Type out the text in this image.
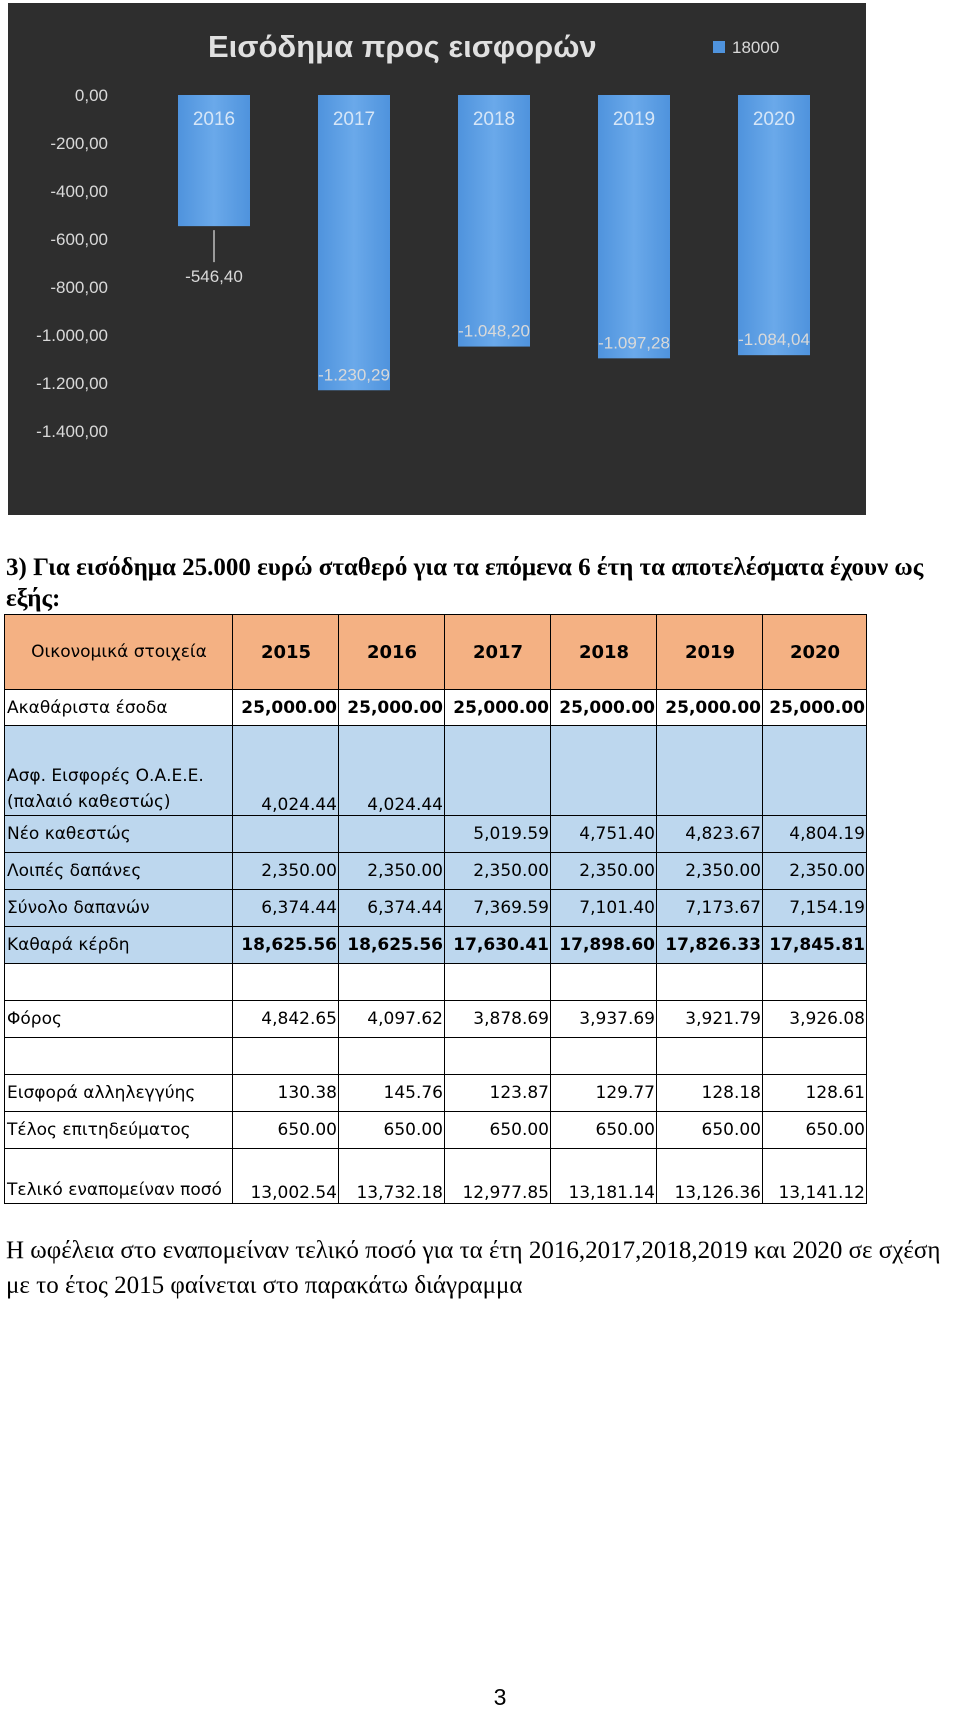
Εισόδημα προς εισφορών	18000
0,00
-200,00
-400,00
-600,00
-800,00
-1.000,00
-1.200,00
-1.400,00
2016
-546,40
2017
-1.230,29
2018
-1.048,20
2019
-1.097,28
2020
-1.084,04
3) Για εισόδημα 25.000 ευρώ σταθερό για τα επόμενα 6 έτη τα αποτελέσματα έχουν ως εξής:
Οικονομικά στοιχεία	2015	2016	2017	2018	2019	2020
Ακαθάριστα έσοδα	25,000.00	25,000.00	25,000.00	25,000.00	25,000.00	25,000.00
Ασφ. Εισφορές Ο.Α.Ε.Ε. (παλαιό καθεστώς)	4,024.44	4,024.44				
Νέο καθεστώς			5,019.59	4,751.40	4,823.67	4,804.19
Λοιπές δαπάνες	2,350.00	2,350.00	2,350.00	2,350.00	2,350.00	2,350.00
Σύνολο δαπανών	6,374.44	6,374.44	7,369.59	7,101.40	7,173.67	7,154.19
Καθαρά κέρδη	18,625.56	18,625.56	17,630.41	17,898.60	17,826.33	17,845.81

Φόρος	4,842.65	4,097.62	3,878.69	3,937.69	3,921.79	3,926.08

Εισφορά αλληλεγγύης	130.38	145.76	123.87	129.77	128.18	128.61
Τέλος επιτηδεύματος	650.00	650.00	650.00	650.00	650.00	650.00
Τελικό εναπομείναν ποσό	13,002.54	13,732.18	12,977.85	13,181.14	13,126.36	13,141.12
Η ωφέλεια στο εναπομείναν τελικό ποσό για τα έτη 2016,2017,2018,2019 και 2020 σε σχέση με το έτος 2015 φαίνεται στο παρακάτω διάγραμμα
3
